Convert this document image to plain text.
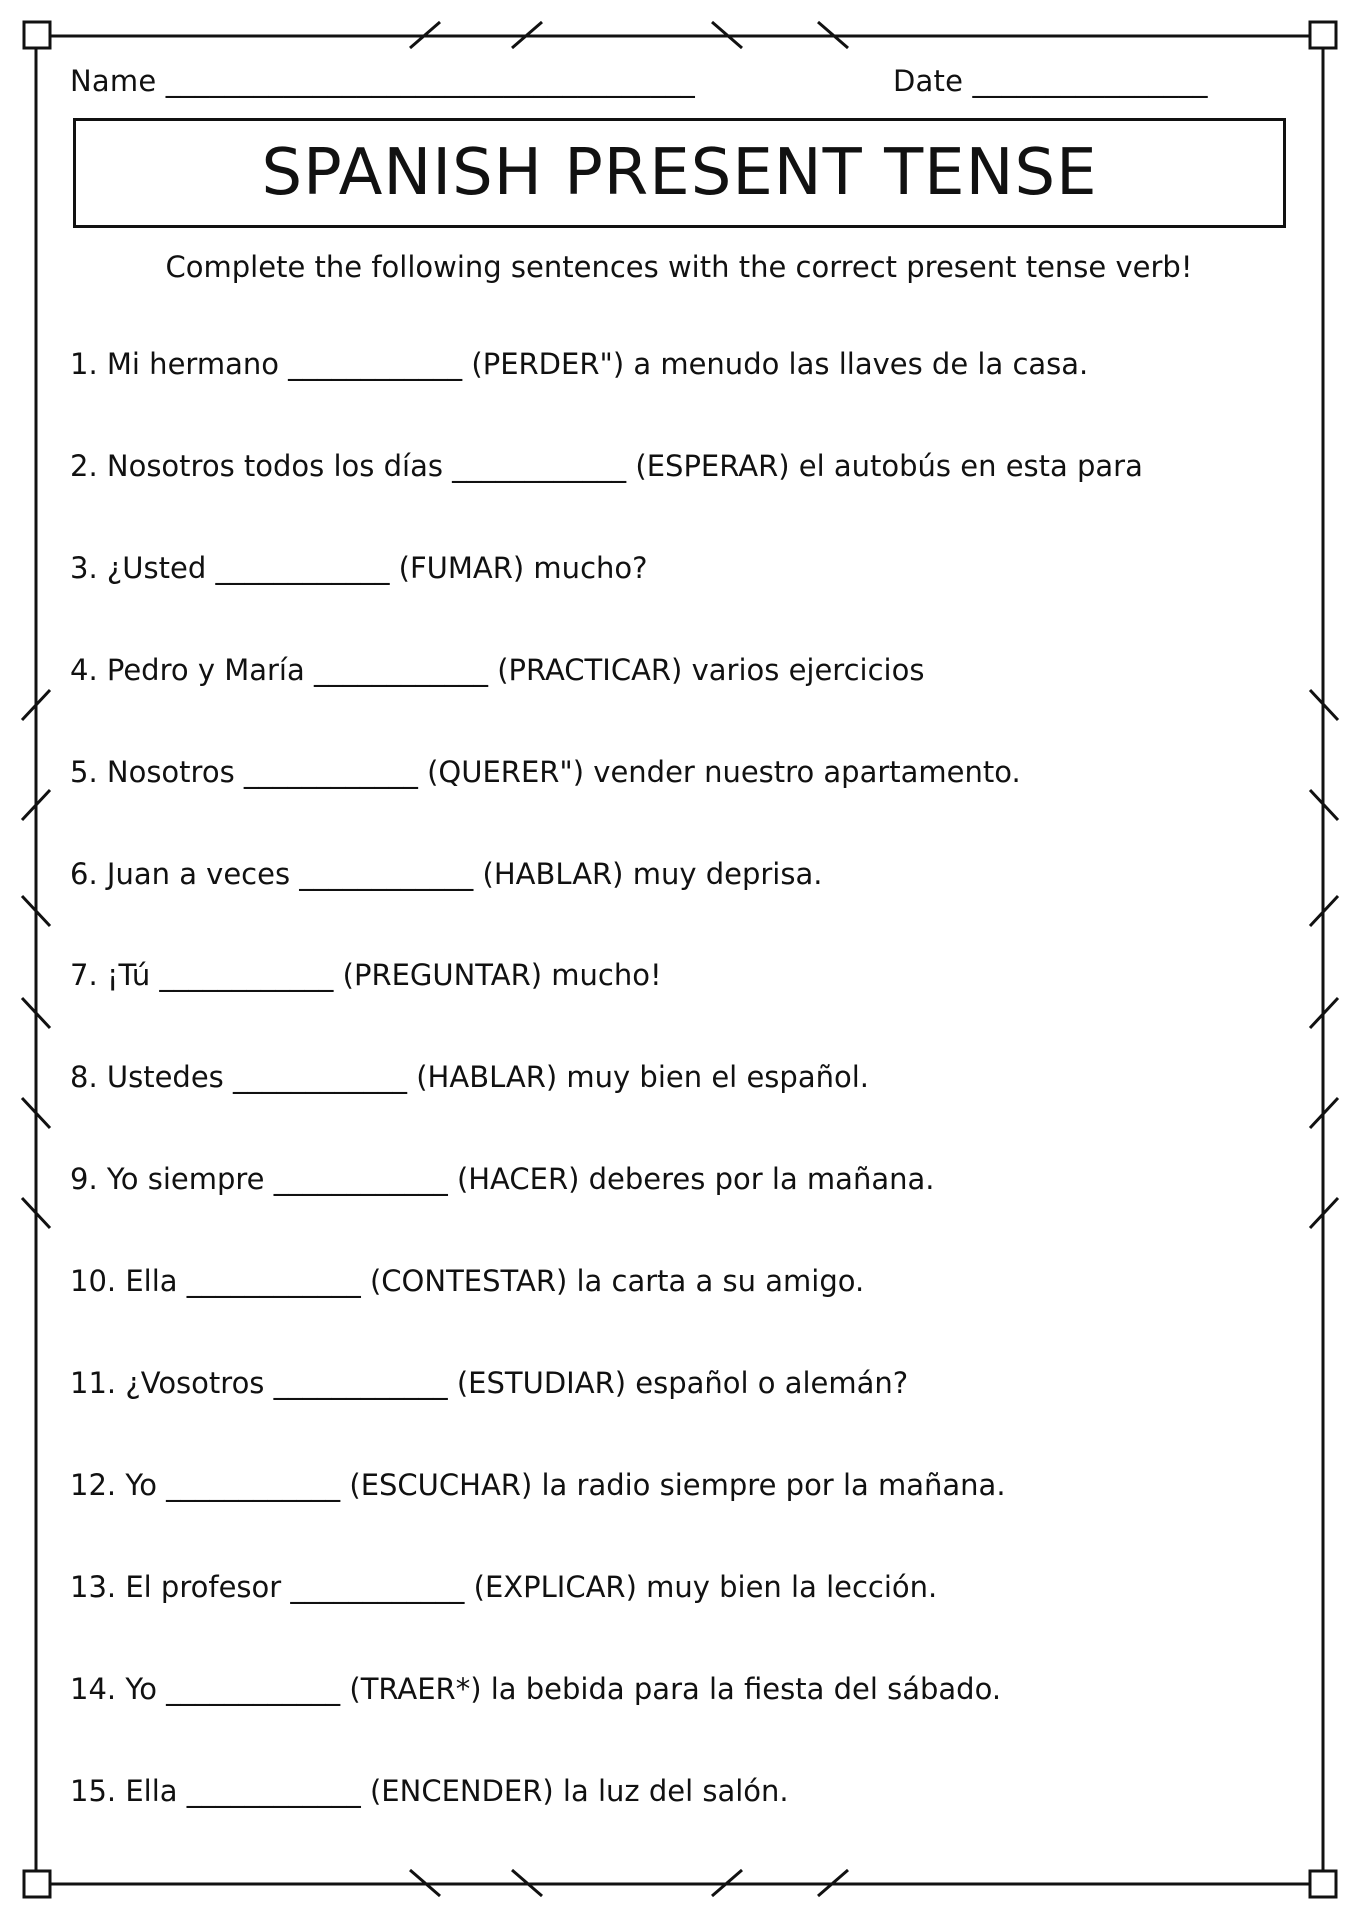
Name ____________________________________	Date ________________
SPANISH PRESENT TENSE
Complete the following sentences with the correct present tense verb!
1. Mi hermano ____________ (PERDER") a menudo las llaves de la casa.
2. Nosotros todos los días ____________ (ESPERAR) el autobús en esta para
3. ¿Usted ____________ (FUMAR) mucho?
4. Pedro y María ____________ (PRACTICAR) varios ejercicios
5. Nosotros ____________ (QUERER") vender nuestro apartamento.
6. Juan a veces ____________ (HABLAR) muy deprisa.
7. ¡Tú ____________ (PREGUNTAR) mucho!
8. Ustedes ____________ (HABLAR) muy bien el español.
9. Yo siempre ____________ (HACER) deberes por la mañana.
10. Ella ____________ (CONTESTAR) la carta a su amigo.
11. ¿Vosotros ____________ (ESTUDIAR) español o alemán?
12. Yo ____________ (ESCUCHAR) la radio siempre por la mañana.
13. El profesor ____________ (EXPLICAR) muy bien la lección.
14. Yo ____________ (TRAER*) la bebida para la fiesta del sábado.
15. Ella ____________ (ENCENDER) la luz del salón.
